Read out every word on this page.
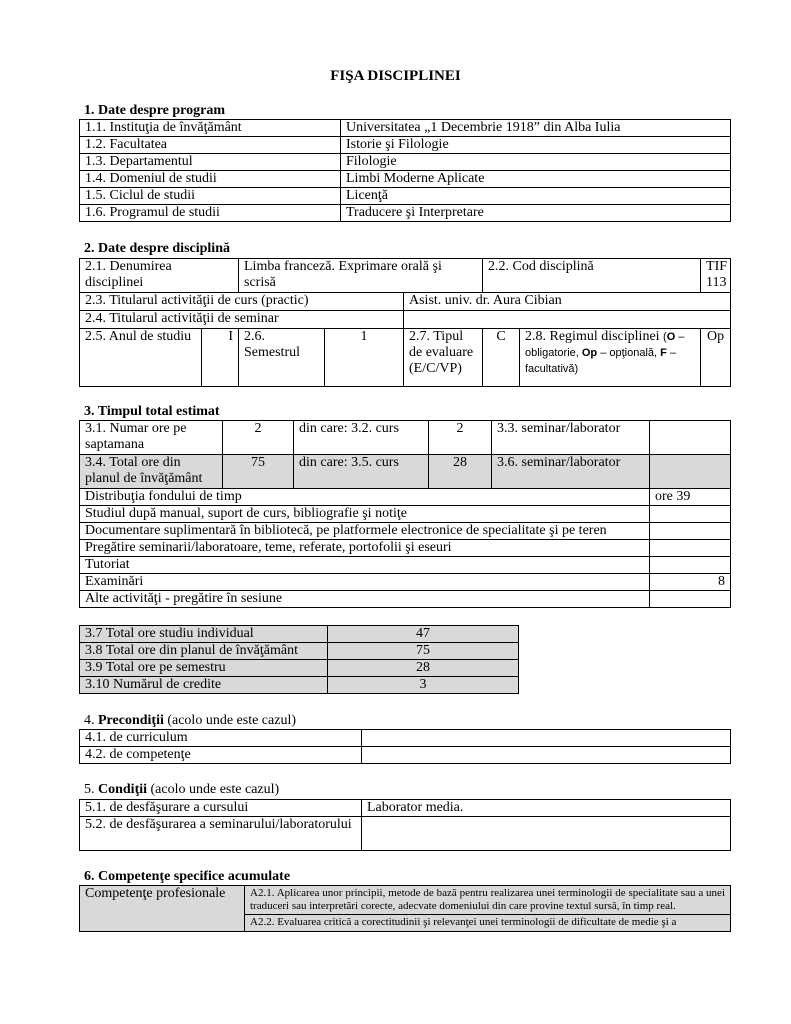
FIŞA DISCIPLINEI
1. Date despre program
1.1. Instituţia de învăţământ	Universitatea „1 Decembrie 1918” din Alba Iulia
1.2. Facultatea	Istorie şi Filologie
1.3. Departamentul	Filologie
1.4. Domeniul de studii	Limbi Moderne Aplicate
1.5. Ciclul de studii	Licenţă
1.6. Programul de studii	Traducere şi Interpretare
2. Date despre disciplină
2.1. Denumirea disciplinei		Limba franceză. Exprimare orală şi scrisă			2.2. Cod disciplină		TIF 113
2.3. Titularul activităţii de curs (practic)				Asist. univ. dr. Aura Cibian			
2.4. Titularul activităţii de seminar							
2.5. Anul de studiu	I	2.6. Semestrul	1	2.7. Tipul de evaluare (E/C/VP)	C	2.8. Regimul disciplinei (O – obligatorie, Op – opţională, F – facultativă)	Op
3. Timpul total estimat
3.1. Numar ore pe saptamana	2	din care: 3.2. curs	2	3.3. seminar/laborator	
3.4. Total ore din planul de învăţământ	75	din care: 3.5. curs	28	3.6. seminar/laborator	
Distribuţia fondului de timp	ore 39
Studiul după manual, suport de curs, bibliografie şi notiţe	
Documentare suplimentară în bibliotecă, pe platformele electronice de specialitate şi pe teren	
Pregătire seminarii/laboratoare, teme, referate, portofolii şi eseuri	
Tutoriat	
Examinări	8
Alte activităţi - pregătire în sesiune	
3.7 Total ore studiu individual	47
3.8 Total ore din planul de învăţământ	75
3.9 Total ore pe semestru	28
3.10 Numărul de credite	3
4. Precondiţii (acolo unde este cazul)
4.1. de curriculum	
4.2. de competenţe	
5. Condiţii (acolo unde este cazul)
5.1. de desfăşurare a cursului	Laborator media.
5.2. de desfăşurarea a seminarului/laboratorului	
6. Competenţe specifice acumulate
Competenţe profesionale	A2.1. Aplicarea unor principii, metode de bază pentru realizarea unei terminologii de specialitate sau a unei traduceri sau interpretări corecte, adecvate domeniului din care provine textul sursă, în timp real.
A2.2. Evaluarea critică a corectitudinii şi relevanţei unei terminologii de dificultate de medie şi a
